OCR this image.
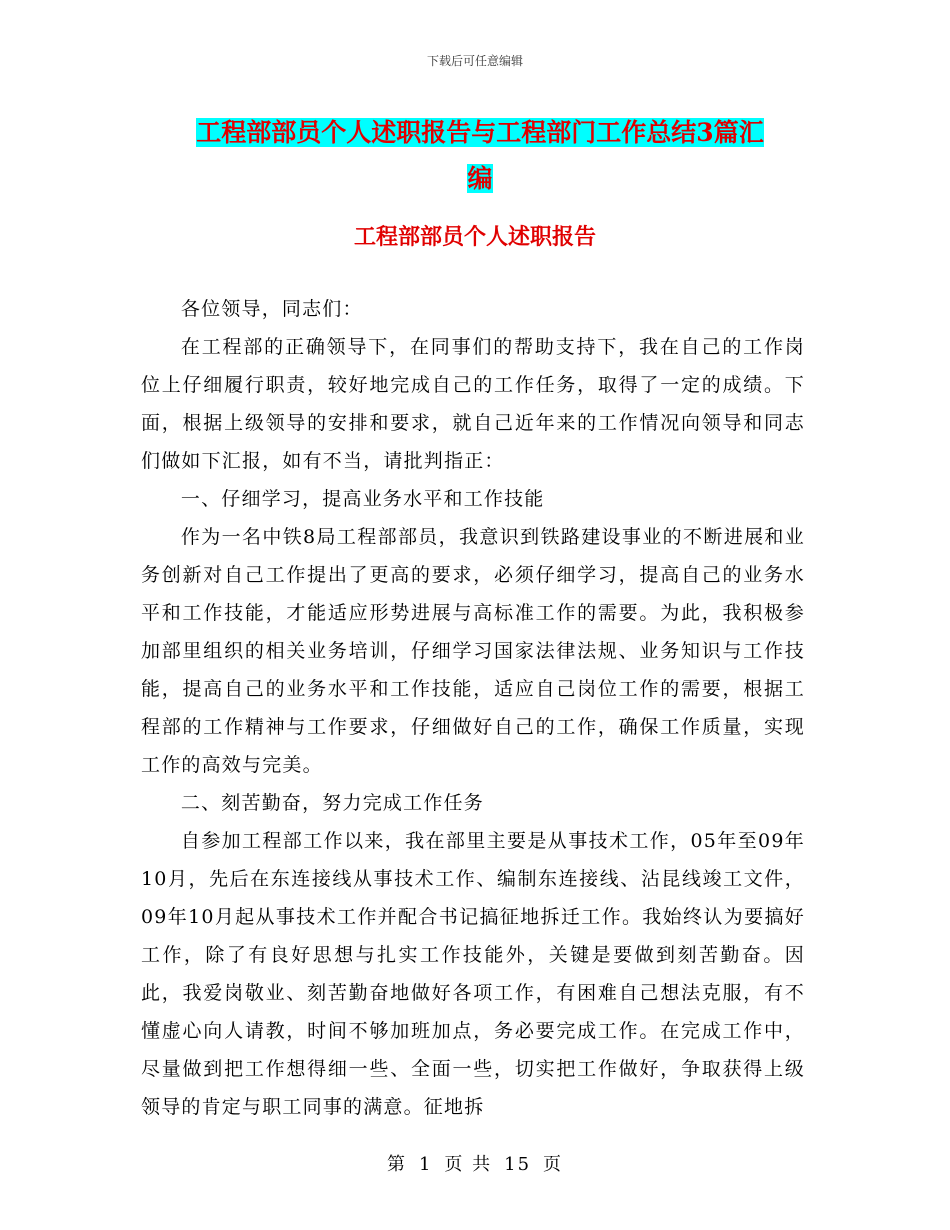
下载后可任意编辑
工程部部员个人述职报告与工程部门工作总结3篇汇
编
工程部部员个人述职报告

各位领导，同志们：

在工程部的正确领导下，在同事们的帮助支持下，我在自己的工作岗位上仔细履行职责，较好地完成自己的工作任务，取得了一定的成绩。下面，根据上级领导的安排和要求，就自己近年来的工作情况向领导和同志们做如下汇报，如有不当，请批判指正：

一、仔细学习，提高业务水平和工作技能

作为一名中铁8局工程部部员，我意识到铁路建设事业的不断进展和业务创新对自己工作提出了更高的要求，必须仔细学习，提高自己的业务水平和工作技能，才能适应形势进展与高标准工作的需要。为此，我积极参加部里组织的相关业务培训，仔细学习国家法律法规、业务知识与工作技能，提高自己的业务水平和工作技能，适应自己岗位工作的需要，根据工程部的工作精神与工作要求，仔细做好自己的工作，确保工作质量，实现工作的高效与完美。

二、刻苦勤奋，努力完成工作任务

自参加工程部工作以来，我在部里主要是从事技术工作，05年至09年10月，先后在东连接线从事技术工作、编制东连接线、沾昆线竣工文件，09年10月起从事技术工作并配合书记搞征地拆迁工作。我始终认为要搞好工作，除了有良好思想与扎实工作技能外，关键是要做到刻苦勤奋。因此，我爱岗敬业、刻苦勤奋地做好各项工作，有困难自己想法克服，有不懂虚心向人请教，时间不够加班加点，务必要完成工作。在完成工作中，尽量做到把工作想得细一些、全面一些，切实把工作做好，争取获得上级领导的肯定与职工同事的满意。征地拆

第 1 页 共 15 页
